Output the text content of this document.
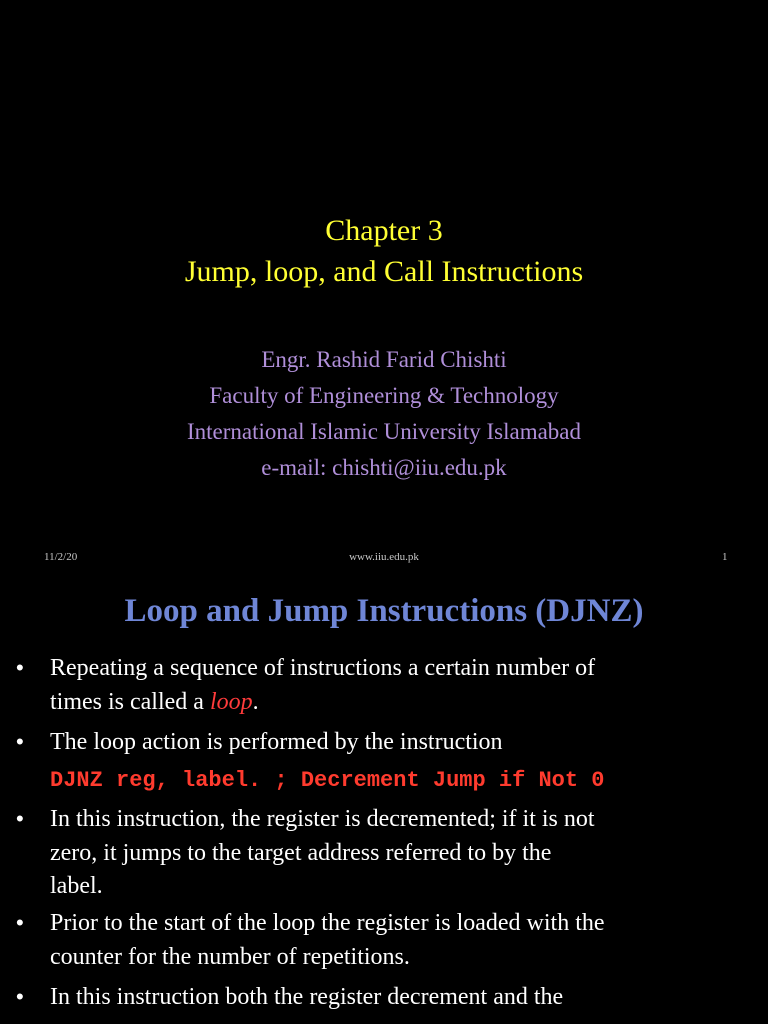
Chapter 3
Jump, loop, and Call Instructions
Engr. Rashid Farid Chishti
Faculty of Engineering & Technology
International Islamic University Islamabad
e-mail: chishti@iiu.edu.pk
11/2/20	www.iiu.edu.pk	1
Loop and Jump Instructions (DJNZ)
• Repeating a sequence of instructions a certain number of
times is called a loop.
• The loop action is performed by the instruction
DJNZ reg, label. ; Decrement Jump if Not 0
• In this instruction, the register is decremented; if it is not
zero, it jumps to the target address referred to by the
label.
• Prior to the start of the loop the register is loaded with the
counter for the number of repetitions.
• In this instruction both the register decrement and the
